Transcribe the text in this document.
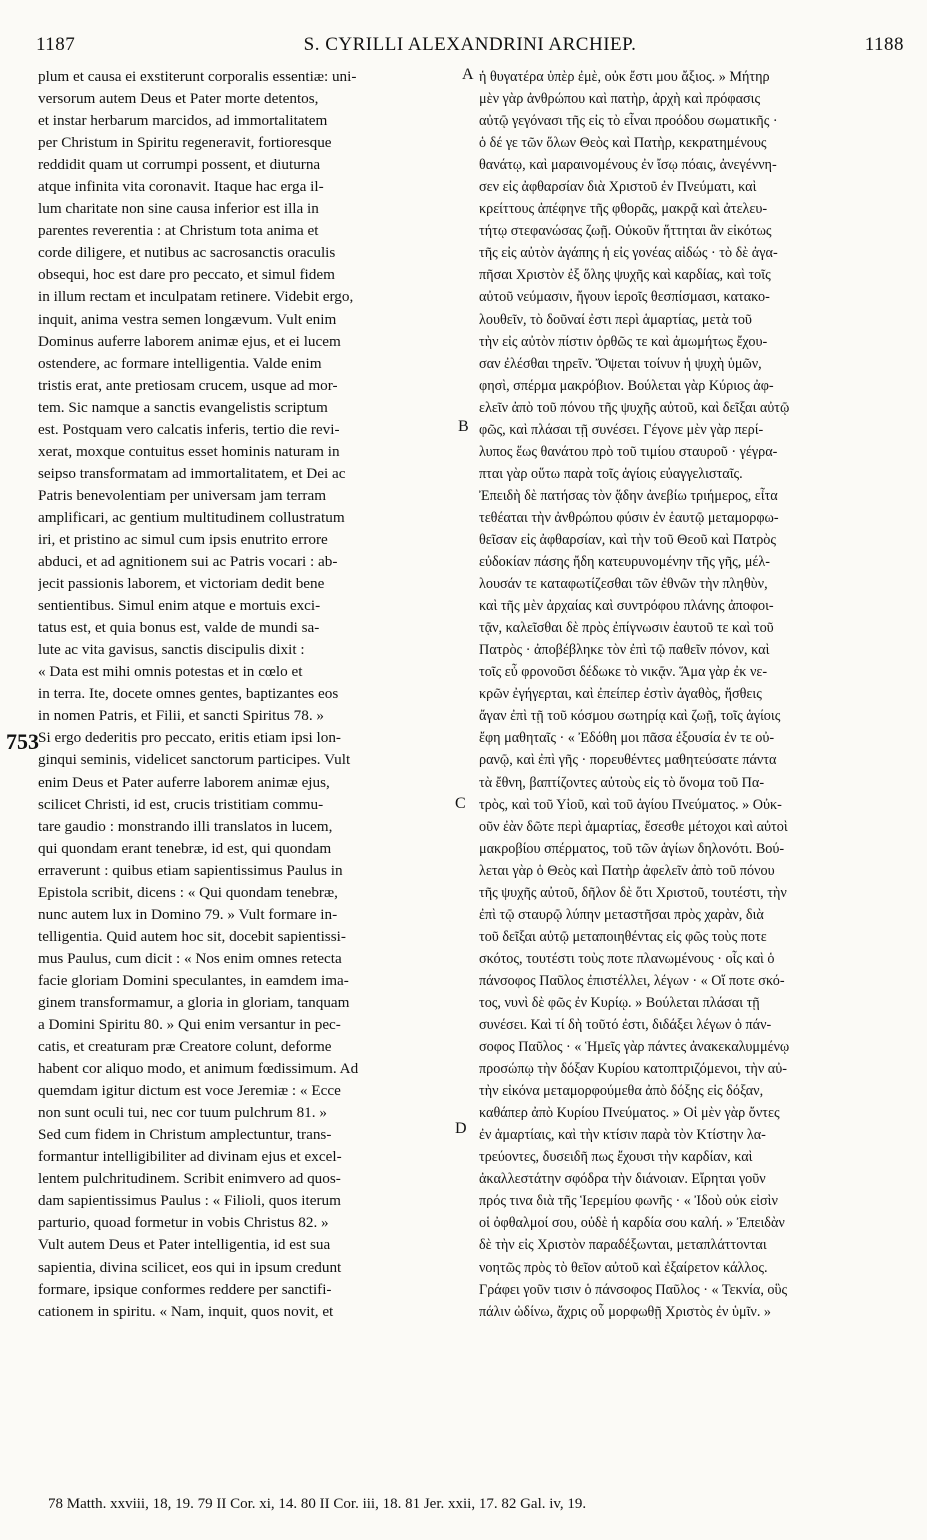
1187	S. CYRILLI ALEXANDRINI ARCHIEP.	1188
plum et causa ei exstiterunt corporalis essentiæ: uni-
versorum autem Deus et Pater morte detentos,
et instar herbarum marcidos, ad immortalitatem
per Christum in Spiritu regeneravit, fortioresque
reddidit quam ut corrumpi possent, et diuturna
atque infinita vita coronavit. Itaque hac erga il-
lum charitate non sine causa inferior est illa in
parentes reverentia : at Christum tota anima et
corde diligere, et nutibus ac sacrosanctis oraculis
obsequi, hoc est dare pro peccato, et simul fidem
in illum rectam et inculpatam retinere. Videbit ergo,
inquit, anima vestra semen longævum. Vult enim
Dominus auferre laborem animæ ejus, et ei lucem
ostendere, ac formare intelligentia. Valde enim
tristis erat, ante pretiosam crucem, usque ad mor-
tem. Sic namque a sanctis evangelistis scriptum
est. Postquam vero calcatis inferis, tertio die revi-
xerat, moxque contuitus esset hominis naturam in
seipso transformatam ad immortalitatem, et Dei ac
Patris benevolentiam per universam jam terram
amplificari, ac gentium multitudinem collustratum
iri, et pristino ac simul cum ipsis enutrito errore
abduci, et ad agnitionem sui ac Patris vocari : ab-
jecit passionis laborem, et victoriam dedit bene
sentientibus. Simul enim atque e mortuis exci-
tatus est, et quia bonus est, valde de mundi sa-
lute ac vita gavisus, sanctis discipulis dixit :
« Data est mihi omnis potestas et in cœlo et
in terra. Ite, docete omnes gentes, baptizantes eos
in nomen Patris, et Filii, et sancti Spiritus 78. »
Si ergo dederitis pro peccato, eritis etiam ipsi lon-
ginqui seminis, videlicet sanctorum participes. Vult
enim Deus et Pater auferre laborem animæ ejus,
scilicet Christi, id est, crucis tristitiam commu-
tare gaudio : monstrando illi translatos in lucem,
qui quondam erant tenebræ, id est, qui quondam
erraverunt : quibus etiam sapientissimus Paulus in
Epistola scribit, dicens : « Qui quondam tenebræ,
nunc autem lux in Domino 79. » Vult formare in-
telligentia. Quid autem hoc sit, docebit sapientissi-
mus Paulus, cum dicit : « Nos enim omnes retecta
facie gloriam Domini speculantes, in eamdem ima-
ginem transformamur, a gloria in gloriam, tanquam
a Domini Spiritu 80. » Qui enim versantur in pec-
catis, et creaturam præ Creatore colunt, deforme
habent cor aliquo modo, et animum fœdissimum. Ad
quemdam igitur dictum est voce Jeremiæ : « Ecce
non sunt oculi tui, nec cor tuum pulchrum 81. »
Sed cum fidem in Christum amplectuntur, trans-
formantur intelligibiliter ad divinam ejus et excel-
lentem pulchritudinem. Scribit enimvero ad quos-
dam sapientissimus Paulus : « Filioli, quos iterum
parturio, quoad formetur in vobis Christus 82. »
Vult autem Deus et Pater intelligentia, id est sua
sapientia, divina scilicet, eos qui in ipsum credunt
formare, ipsique conformes reddere per sanctifi-
cationem in spiritu. « Nam, inquit, quos novit, et
ἡ θυγατέρα ὑπὲρ ἐμὲ, οὐκ ἔστι μου ἄξιος. » Μήτηρ
μὲν γὰρ ἀνθρώπου καὶ πατὴρ, ἀρχὴ καὶ πρόφασις
αὐτῷ γεγόνασι τῆς εἰς τὸ εἶναι προόδου σωματικῆς ·
ὁ δέ γε τῶν ὅλων Θεὸς καὶ Πατὴρ, κεκρατημένους
θανάτῳ, καὶ μαραινομένους ἐν ἴσῳ πόαις, ἀνεγέννη-
σεν εἰς ἀφθαρσίαν διὰ Χριστοῦ ἐν Πνεύματι, καὶ
κρείττους ἀπέφηνε τῆς φθορᾶς, μακρᾷ καὶ ἀτελευ-
τήτῳ στεφανώσας ζωῇ. Οὐκοῦν ἥττηται ἂν εἰκότως
τῆς εἰς αὐτὸν ἀγάπης ἡ εἰς γονέας αἰδώς · τὸ δὲ ἀγα-
πῆσαι Χριστὸν ἐξ ὅλης ψυχῆς καὶ καρδίας, καὶ τοῖς
αὐτοῦ νεύμασιν, ἤγουν ἱεροῖς θεσπίσμασι, κατακο-
λουθεῖν, τὸ δοῦναί ἐστι περὶ ἁμαρτίας, μετὰ τοῦ
τὴν εἰς αὐτὸν πίστιν ὀρθῶς τε καὶ ἀμωμήτως ἔχου-
σαν ἐλέσθαι τηρεῖν. Ὄψεται τοίνυν ἡ ψυχὴ ὑμῶν,
φησὶ, σπέρμα μακρόβιον. Βούλεται γὰρ Κύριος ἀφ-
ελεῖν ἀπὸ τοῦ πόνου τῆς ψυχῆς αὐτοῦ, καὶ δεῖξαι αὐτῷ
φῶς, καὶ πλάσαι τῇ συνέσει. Γέγονε μὲν γὰρ περί-
λυπος ἕως θανάτου πρὸ τοῦ τιμίου σταυροῦ · γέγρα-
πται γὰρ οὕτω παρὰ τοῖς ἁγίοις εὐαγγελισταῖς.
Ἐπειδὴ δὲ πατήσας τὸν ᾅδην ἀνεβίω τριήμερος, εἶτα
τεθέαται τὴν ἀνθρώπου φύσιν ἐν ἑαυτῷ μεταμορφω-
θεῖσαν εἰς ἀφθαρσίαν, καὶ τὴν τοῦ Θεοῦ καὶ Πατρὸς
εὐδοκίαν πάσης ἤδη κατευρυνομένην τῆς γῆς, μέλ-
λουσάν τε καταφωτίζεσθαι τῶν ἐθνῶν τὴν πληθὺν,
καὶ τῆς μὲν ἀρχαίας καὶ συντρόφου πλάνης ἀποφοι-
τᾷν, καλεῖσθαι δὲ πρὸς ἐπίγνωσιν ἑαυτοῦ τε καὶ τοῦ
Πατρὸς · ἀποβέβληκε τὸν ἐπὶ τῷ παθεῖν πόνον, καὶ
τοῖς εὖ φρονοῦσι δέδωκε τὸ νικᾷν. Ἅμα γὰρ ἐκ νε-
κρῶν ἐγήγερται, καὶ ἐπείπερ ἐστὶν ἀγαθὸς, ἥσθεις
ἄγαν ἐπὶ τῇ τοῦ κόσμου σωτηρίᾳ καὶ ζωῇ, τοῖς ἁγίοις
ἔφη μαθηταῖς · « Ἐδόθη μοι πᾶσα ἐξουσία ἐν τε οὐ-
ρανῷ, καὶ ἐπὶ γῆς · πορευθέντες μαθητεύσατε πάντα
τὰ ἔθνη, βαπτίζοντες αὐτοὺς εἰς τὸ ὄνομα τοῦ Πα-
τρὸς, καὶ τοῦ Υἱοῦ, καὶ τοῦ ἁγίου Πνεύματος. » Οὐκ-
οῦν ἐὰν δῶτε περὶ ἁμαρτίας, ἔσεσθε μέτοχοι καὶ αὐτοὶ
μακροβίου σπέρματος, τοῦ τῶν ἁγίων δηλονότι. Βού-
λεται γὰρ ὁ Θεὸς καὶ Πατὴρ ἀφελεῖν ἀπὸ τοῦ πόνου
τῆς ψυχῆς αὐτοῦ, δῆλον δὲ ὅτι Χριστοῦ, τουτέστι, τὴν
ἐπὶ τῷ σταυρῷ λύπην μεταστῆσαι πρὸς χαρὰν, διὰ
τοῦ δεῖξαι αὐτῷ μεταποιηθέντας εἰς φῶς τοὺς ποτε
σκότος, τουτέστι τοὺς ποτε πλανωμένους · οἷς καὶ ὁ
πάνσοφος Παῦλος ἐπιστέλλει, λέγων · « Οἵ ποτε σκό-
τος, νυνὶ δὲ φῶς ἐν Κυρίῳ. » Βούλεται πλάσαι τῇ
συνέσει. Καὶ τί δὴ τοῦτό ἐστι, διδάξει λέγων ὁ πάν-
σοφος Παῦλος · « Ἡμεῖς γὰρ πάντες ἀνακεκαλυμμένῳ
προσώπῳ τὴν δόξαν Κυρίου κατοπτριζόμενοι, τὴν αὐ-
τὴν εἰκόνα μεταμορφούμεθα ἀπὸ δόξης εἰς δόξαν,
καθάπερ ἀπὸ Κυρίου Πνεύματος. » Οἱ μὲν γὰρ ὄντες
ἐν ἁμαρτίαις, καὶ τὴν κτίσιν παρὰ τὸν Κτίστην λα-
τρεύοντες, δυσειδῆ πως ἔχουσι τὴν καρδίαν, καὶ
ἀκαλλεστάτην σφόδρα τὴν διάνοιαν. Εἴρηται γοῦν
πρός τινα διὰ τῆς Ἱερεμίου φωνῆς · « Ἰδοὺ οὐκ εἰσὶν
οἱ ὀφθαλμοί σου, οὐδὲ ἡ καρδία σου καλή. » Ἐπειδὰν
δὲ τὴν εἰς Χριστὸν παραδέξωνται, μεταπλάττονται
νοητῶς πρὸς τὸ θεῖον αὐτοῦ καὶ ἐξαίρετον κάλλος.
Γράφει γοῦν τισιν ὁ πάνσοφος Παῦλος · « Τεκνία, οὓς
πάλιν ὠδίνω, ἄχρις οὗ μορφωθῇ Χριστὸς ἐν ὑμῖν. »
A
B
C
D
753
78 Matth. xxviii, 18, 19. 79 II Cor. xi, 14. 80 II Cor. iii, 18. 81 Jer. xxii, 17. 82 Gal. iv, 19.
